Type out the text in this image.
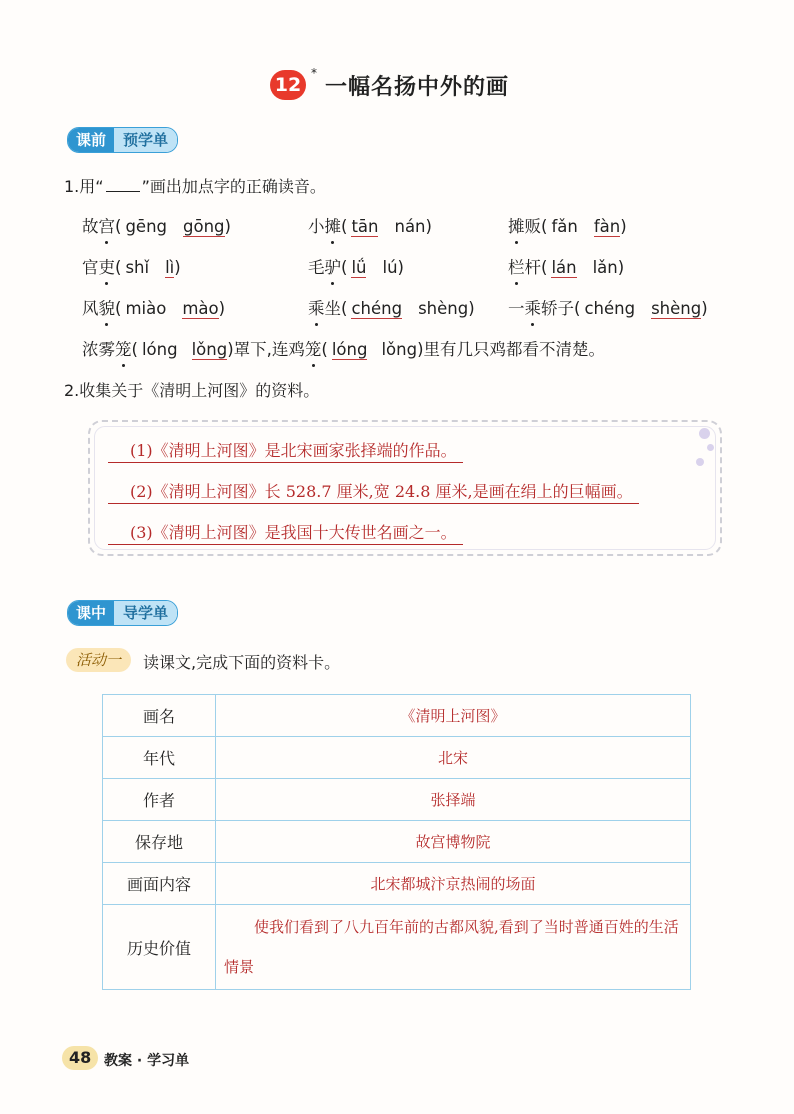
12
*
一幅名扬中外的画
课前	预学单
1.用“ ”画出加点字的正确读音。
故 宫 ( gēng gōng )	小 摊 ( tān nán )	摊 贩( fǎn fàn )
官 吏 ( shǐ lì )	毛 驴 ( lǘ lú )	栏 杆( lán lǎn )
风 貌 ( miào mào )	乘 坐( chéng shèng ) 一 乘 轿子( chéng shèng )
浓雾 笼 ( lóng lǒng )罩下,连鸡 笼 ( lóng lǒng )里有几只鸡都看不清楚。
2.收集关于《清明上河图》的资料。
(1)《清明上河图》是北宋画家张择端的作品。
(2)《清明上河图》长 528.7 厘米,宽 24.8 厘米,是画在绢上的巨幅画。
(3)《清明上河图》是我国十大传世名画之一。
课中	导学单
活动一	读课文,完成下面的资料卡。
画名	《清明上河图》
年代	北宋
作者	张择端
保存地	故宫博物院
画面内容	北宋都城汴京热闹的场面
历史价值	使我们看到了八九百年前的古都风貌,看到了当时普通百姓的生活情景
48 教案 · 学习单
